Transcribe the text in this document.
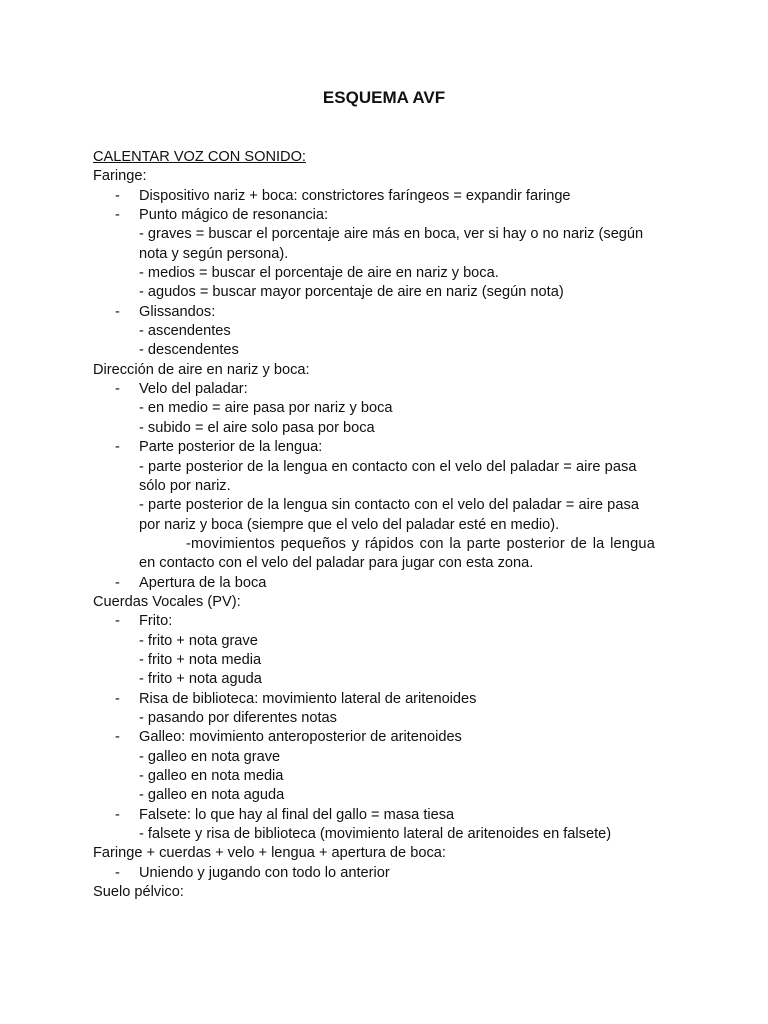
ESQUEMA AVF
CALENTAR VOZ CON SONIDO:
Faringe:
- Dispositivo nariz + boca: constrictores faríngeos = expandir faringe
- Punto mágico de resonancia:
- graves = buscar el porcentaje aire más en boca, ver si hay o no nariz (según
nota y según persona).
- medios = buscar el porcentaje de aire en nariz y boca.
- agudos = buscar mayor porcentaje de aire en nariz (según nota)
- Glissandos:
- ascendentes
- descendentes
Dirección de aire en nariz y boca:
- Velo del paladar:
- en medio = aire pasa por nariz y boca
- subido = el aire solo pasa por boca
- Parte posterior de la lengua:
- parte posterior de la lengua en contacto con el velo del paladar = aire pasa
sólo por nariz.
- parte posterior de la lengua sin contacto con el velo del paladar = aire pasa
por nariz y boca (siempre que el velo del paladar esté en medio).
-movimientos pequeños y rápidos con la parte posterior de la lengua
en contacto con el velo del paladar para jugar con esta zona.
- Apertura de la boca
Cuerdas Vocales (PV):
- Frito:
- frito + nota grave
- frito + nota media
- frito + nota aguda
- Risa de biblioteca: movimiento lateral de aritenoides
- pasando por diferentes notas
- Galleo: movimiento anteroposterior de aritenoides
- galleo en nota grave
- galleo en nota media
- galleo en nota aguda
- Falsete: lo que hay al final del gallo = masa tiesa
- falsete y risa de biblioteca (movimiento lateral de aritenoides en falsete)
Faringe + cuerdas + velo + lengua + apertura de boca:
- Uniendo y jugando con todo lo anterior
Suelo pélvico:
